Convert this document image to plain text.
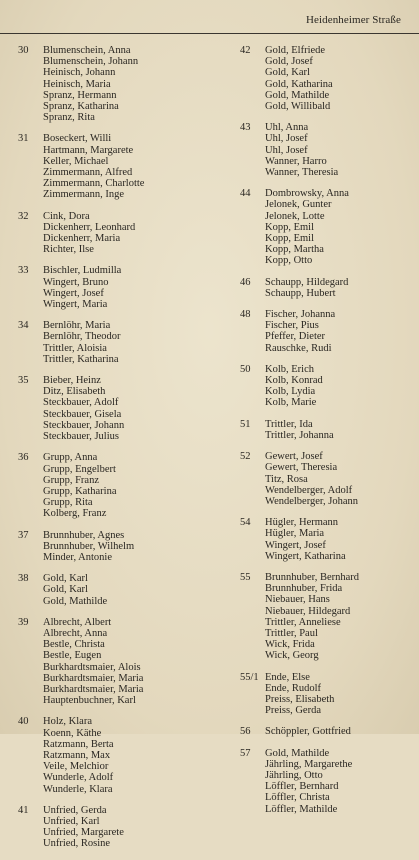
Heidenheimer Straße
30	Blumenschein, Anna
Blumenschein, Johann
Heinisch, Johann
Heinisch, Maria
Spranz, Hermann
Spranz, Katharina
Spranz, Rita
31	Boseckert, Willi
Hartmann, Margarete
Keller, Michael
Zimmermann, Alfred
Zimmermann, Charlotte
Zimmermann, Inge
32	Cink, Dora
Dickenherr, Leonhard
Dickenherr, Maria
Richter, Ilse
33	Bischler, Ludmilla
Wingert, Bruno
Wingert, Josef
Wingert, Maria
34	Bernlöhr, Maria
Bernlöhr, Theodor
Trittler, Aloisia
Trittler, Katharina
35	Bieber, Heinz
Ditz, Elisabeth
Steckbauer, Adolf
Steckbauer, Gisela
Steckbauer, Johann
Steckbauer, Julius
36	Grupp, Anna
Grupp, Engelbert
Grupp, Franz
Grupp, Katharina
Grupp, Rita
Kolberg, Franz
37	Brunnhuber, Agnes
Brunnhuber, Wilhelm
Minder, Antonie
38	Gold, Karl
Gold, Karl
Gold, Mathilde
39	Albrecht, Albert
Albrecht, Anna
Bestle, Christa
Bestle, Eugen
Burkhardtsmaier, Alois
Burkhardtsmaier, Maria
Burkhardtsmaier, Maria
Hauptenbuchner, Karl
40	Holz, Klara
Koenn, Käthe
Ratzmann, Berta
Ratzmann, Max
Veile, Melchior
Wunderle, Adolf
Wunderle, Klara
41	Unfried, Gerda
Unfried, Karl
Unfried, Margarete
Unfried, Rosine
42	Gold, Elfriede
Gold, Josef
Gold, Karl
Gold, Katharina
Gold, Mathilde
Gold, Willibald
43	Uhl, Anna
Uhl, Josef
Uhl, Josef
Wanner, Harro
Wanner, Theresia
44	Dombrowsky, Anna
Jelonek, Gunter
Jelonek, Lotte
Kopp, Emil
Kopp, Emil
Kopp, Martha
Kopp, Otto
46	Schaupp, Hildegard
Schaupp, Hubert
48	Fischer, Johanna
Fischer, Pius
Pfeffer, Dieter
Rauschke, Rudi
50	Kolb, Erich
Kolb, Konrad
Kolb, Lydia
Kolb, Marie
51	Trittler, Ida
Trittler, Johanna
52	Gewert, Josef
Gewert, Theresia
Titz, Rosa
Wendelberger, Adolf
Wendelberger, Johann
54	Hügler, Hermann
Hügler, Maria
Wingert, Josef
Wingert, Katharina
55	Brunnhuber, Bernhard
Brunnhuber, Frida
Niebauer, Hans
Niebauer, Hildegard
Trittler, Anneliese
Trittler, Paul
Wick, Frida
Wick, Georg
55/1 Ende, Else
Ende, Rudolf
Preiss, Elisabeth
Preiss, Gerda
56	Schöppler, Gottfried
57	Gold, Mathilde
Jährling, Margarethe
Jährling, Otto
Löffler, Bernhard
Löffler, Christa
Löffler, Mathilde
